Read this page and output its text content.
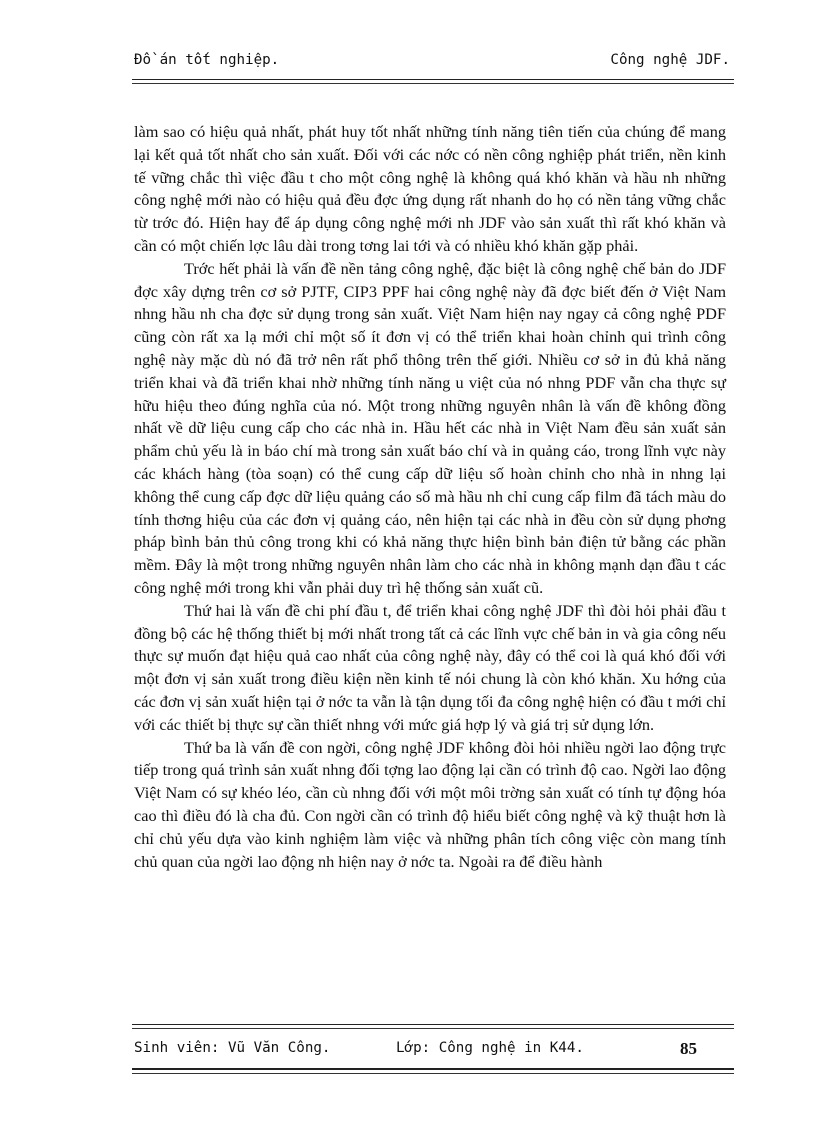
Đồ án tốt nghiệp.	Công nghệ JDF.

làm sao có hiệu quả nhất, phát huy tốt nhất những tính năng tiên tiến của chúng để mang lại kết quả tốt nhất cho sản xuất. Đối với các nớc có nền công nghiệp phát triển, nền kinh tế vững chắc thì việc đầu t cho một công nghệ là không quá khó khăn và hầu nh những công nghệ mới nào có hiệu quả đều đợc ứng dụng rất nhanh do họ có nền tảng vững chắc từ trớc đó. Hiện hay để áp dụng công nghệ mới nh JDF vào sản xuất thì rất khó khăn và cần có một chiến lợc lâu dài trong tơng lai tới và có nhiều khó khăn gặp phải.

Trớc hết phải là vấn đề nền tảng công nghệ, đặc biệt là công nghệ chế bản do JDF đợc xây dựng trên cơ sở PJTF, CIP3 PPF hai công nghệ này đã đợc biết đến ở Việt Nam nhng hầu nh cha đợc sử dụng trong sản xuất. Việt Nam hiện nay ngay cả công nghệ PDF cũng còn rất xa lạ mới chỉ một số ít đơn vị có thể triển khai hoàn chỉnh qui trình công nghệ này mặc dù nó đã trở nên rất phổ thông trên thế giới. Nhiều cơ sở in đủ khả năng triển khai và đã triển khai nhờ những tính năng u việt của nó nhng PDF vẫn cha thực sự hữu hiệu theo đúng nghĩa của nó. Một trong những nguyên nhân là vấn đề không đồng nhất về dữ liệu cung cấp cho các nhà in. Hầu hết các nhà in Việt Nam đều sản xuất sản phẩm chủ yếu là in báo chí mà trong sản xuất báo chí và in quảng cáo, trong lĩnh vực này các khách hàng (tòa soạn) có thể cung cấp dữ liệu số hoàn chỉnh cho nhà in nhng lại không thể cung cấp đợc dữ liệu quảng cáo số mà hầu nh chỉ cung cấp film đã tách màu do tính thơng hiệu của các đơn vị quảng cáo, nên hiện tại các nhà in đều còn sử dụng phơng pháp bình bản thủ công trong khi có khả năng thực hiện bình bản điện tử bằng các phần mềm. Đây là một trong những nguyên nhân làm cho các nhà in không mạnh dạn đầu t các công nghệ mới trong khi vẫn phải duy trì hệ thống sản xuất cũ.

Thứ hai là vấn đề chi phí đầu t, để triển khai công nghệ JDF thì đòi hỏi phải đầu t đồng bộ các hệ thống thiết bị mới nhất trong tất cả các lĩnh vực chế bản in và gia công nếu thực sự muốn đạt hiệu quả cao nhất của công nghệ này, đây có thể coi là quá khó đối với một đơn vị sản xuất trong điều kiện nền kinh tế nói chung là còn khó khăn. Xu hớng của các đơn vị sản xuất hiện tại ở nớc ta vẫn là tận dụng tối đa công nghệ hiện có đầu t mới chỉ với các thiết bị thực sự cần thiết nhng với mức giá hợp lý và giá trị sử dụng lớn.

Thứ ba là vấn đề con ngời, công nghệ JDF không đòi hỏi nhiều ngời lao động trực tiếp trong quá trình sản xuất nhng đối tợng lao động lại cần có trình độ cao. Ngời lao động Việt Nam có sự khéo léo, cần cù nhng đối với một môi trờng sản xuất có tính tự động hóa cao thì điều đó là cha đủ. Con ngời cần có trình độ hiểu biết công nghệ và kỹ thuật hơn là chỉ chủ yếu dựa vào kinh nghiệm làm việc và những phân tích công việc còn mang tính chủ quan của ngời lao động nh hiện nay ở nớc ta. Ngoài ra để điều hành

Sinh viên: Vũ Văn Công.	Lớp: Công nghệ in K44.	85
